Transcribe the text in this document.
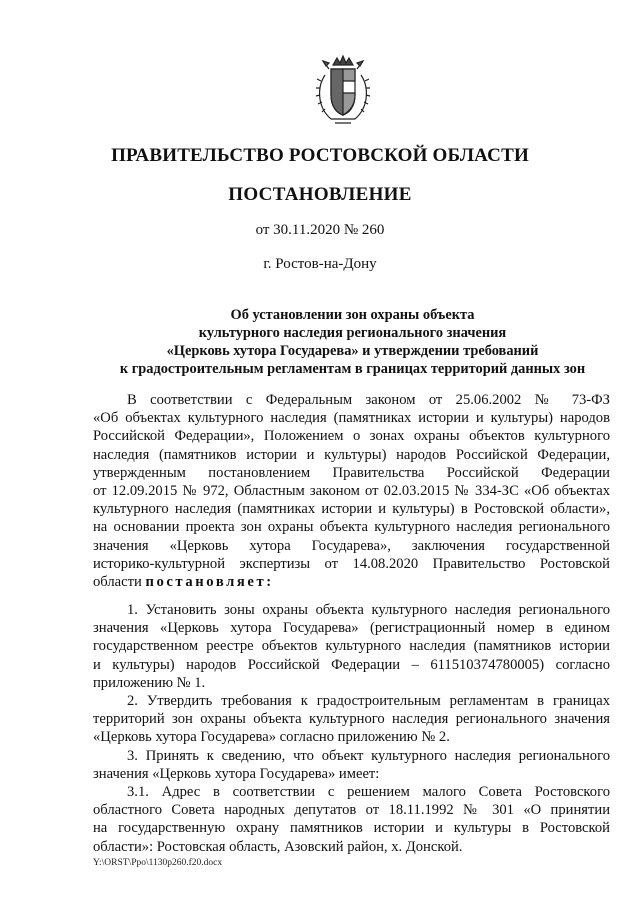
ПРАВИТЕЛЬСТВО РОСТОВСКОЙ ОБЛАСТИ
ПОСТАНОВЛЕНИЕ
от 30.11.2020 № 260
г. Ростов-на-Дону
Об установлении зон охраны объекта
культурного наследия регионального значения
«Церковь хутора Государева» и утверждении требований
к градостроительным регламентам в границах территорий данных зон
В соответствии с Федеральным законом от 25.06.2002 № 73-ФЗ
«Об объектах культурного наследия (памятниках истории и культуры) народов
Российской Федерации», Положением о зонах охраны объектов культурного
наследия (памятников истории и культуры) народов Российской Федерации,
утвержденным постановлением Правительства Российской Федерации
от 12.09.2015 № 972, Областным законом от 02.03.2015 № 334-ЗС «Об объектах
культурного наследия (памятниках истории и культуры) в Ростовской области»,
на основании проекта зон охраны объекта культурного наследия регионального
значения «Церковь хутора Государева», заключения государственной
историко-культурной экспертизы от 14.08.2020 Правительство Ростовской
области постановляет:
1. Установить зоны охраны объекта культурного наследия регионального
значения «Церковь хутора Государева» (регистрационный номер в едином
государственном реестре объектов культурного наследия (памятников истории
и культуры) народов Российской Федерации – 611510374780005) согласно
приложению № 1.
2. Утвердить требования к градостроительным регламентам в границах
территорий зон охраны объекта культурного наследия регионального значения
«Церковь хутора Государева» согласно приложению № 2.
3. Принять к сведению, что объект культурного наследия регионального
значения «Церковь хутора Государева» имеет:
3.1. Адрес в соответствии с решением малого Совета Ростовского
областного Совета народных депутатов от 18.11.1992 № 301 «О принятии
на государственную охрану памятников истории и культуры в Ростовской
области»: Ростовская область, Азовский район, х. Донской.
Y:\ORST\Ppo\1130p260.f20.docx
